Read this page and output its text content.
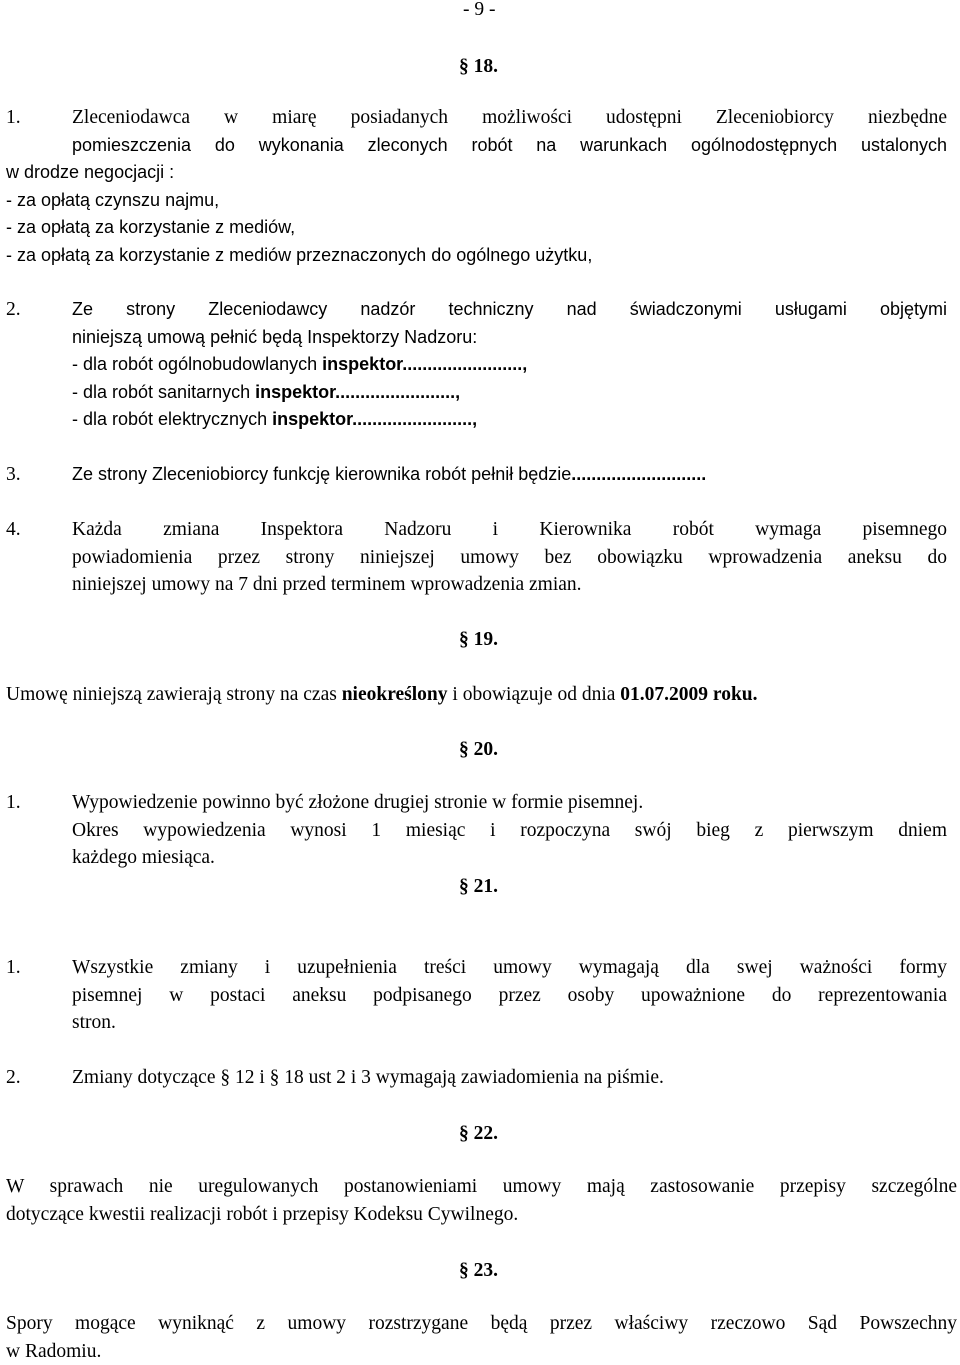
- 9 -
§ 18.
1.	Zleceniodawca w miarę posiadanych możliwości udostępni Zleceniobiorcy niezbędne
pomieszczenia do wykonania zleconych robót na warunkach ogólnodostępnych ustalonych
w drodze negocjacji :
- za opłatą czynszu najmu,
- za opłatą za korzystanie z mediów,
- za opłatą za korzystanie z mediów przeznaczonych do ogólnego użytku,
2.	Ze strony Zleceniodawcy nadzór techniczny nad świadczonymi usługami objętymi
niniejszą umową pełnić będą Inspektorzy Nadzoru:
- dla robót ogólnobudowlanych inspektor........................,
- dla robót sanitarnych inspektor........................,
- dla robót elektrycznych inspektor........................,
3.	Ze strony Zleceniobiorcy funkcję kierownika robót pełnił będzie...........................
4.	Każda zmiana Inspektora Nadzoru i Kierownika robót wymaga pisemnego
powiadomienia przez strony niniejszej umowy bez obowiązku wprowadzenia aneksu do
niniejszej umowy na 7 dni przed terminem wprowadzenia zmian.
§ 19.
Umowę niniejszą zawierają strony na czas nieokreślony i obowiązuje od dnia 01.07.2009 roku.
§ 20.
1.	Wypowiedzenie powinno być złożone drugiej stronie w formie pisemnej.
Okres wypowiedzenia wynosi 1 miesiąc i rozpoczyna swój bieg z pierwszym dniem
każdego miesiąca.
§ 21.
1.	Wszystkie zmiany i uzupełnienia treści umowy wymagają dla swej ważności formy
pisemnej w postaci aneksu podpisanego przez osoby upoważnione do reprezentowania
stron.
2.	Zmiany dotyczące § 12 i § 18 ust 2 i 3 wymagają zawiadomienia na piśmie.
§ 22.
W sprawach nie uregulowanych postanowieniami umowy mają zastosowanie przepisy szczególne
dotyczące kwestii realizacji robót i przepisy Kodeksu Cywilnego.
§ 23.
Spory mogące wyniknąć z umowy rozstrzygane będą przez właściwy rzeczowo Sąd Powszechny
w Radomiu.
